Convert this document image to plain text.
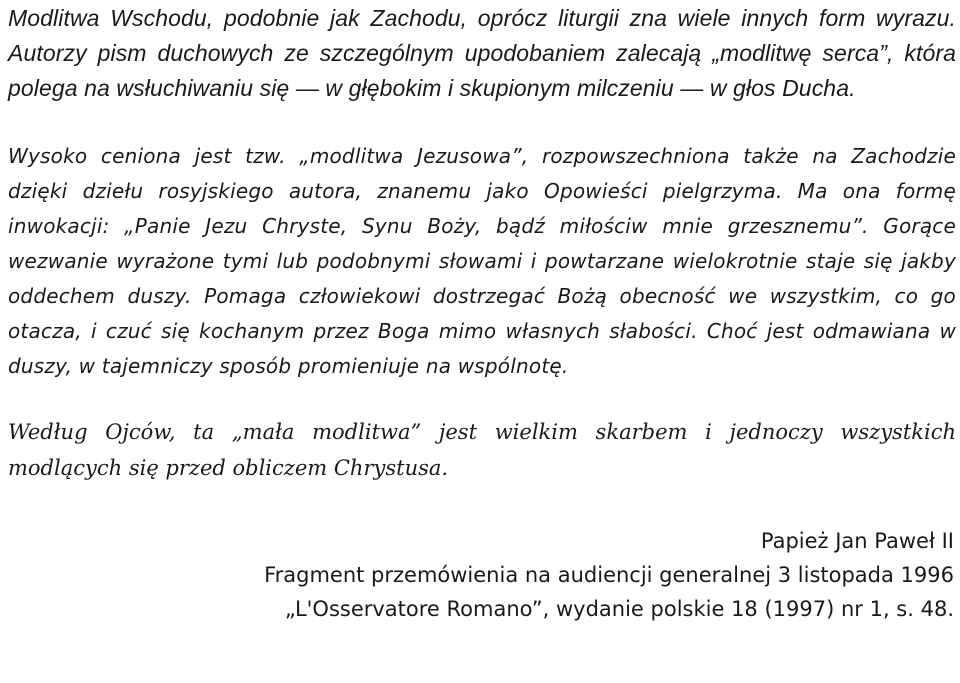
Modlitwa Wschodu, podobnie jak Zachodu, oprócz liturgii zna wiele innych form wyrazu. Autorzy pism duchowych ze szczególnym upodobaniem zalecają „modlitwę serca”, która polega na wsłuchiwaniu się — w głębokim i skupionym milczeniu — w głos Ducha.

Wysoko ceniona jest tzw. „modlitwa Jezusowa”, rozpowszechniona także na Zachodzie dzięki dziełu rosyjskiego autora, znanemu jako Opowieści pielgrzyma. Ma ona formę inwokacji: „Panie Jezu Chryste, Synu Boży, bądź miłościw mnie grzesznemu”. Gorące wezwanie wyrażone tymi lub podobnymi słowami i powtarzane wielokrotnie staje się jakby oddechem duszy. Pomaga człowiekowi dostrzegać Bożą obecność we wszystkim, co go otacza, i czuć się kochanym przez Boga mimo własnych słabości. Choć jest odmawiana w duszy, w tajemniczy sposób promieniuje na wspólnotę.

Według Ojców, ta „mała modlitwa” jest wielkim skarbem i jednoczy wszystkich modlących się przed obliczem Chrystusa.

Papież Jan Paweł II
Fragment przemówienia na audiencji generalnej 3 listopada 1996
„L'Osservatore Romano”, wydanie polskie 18 (1997) nr 1, s. 48.
